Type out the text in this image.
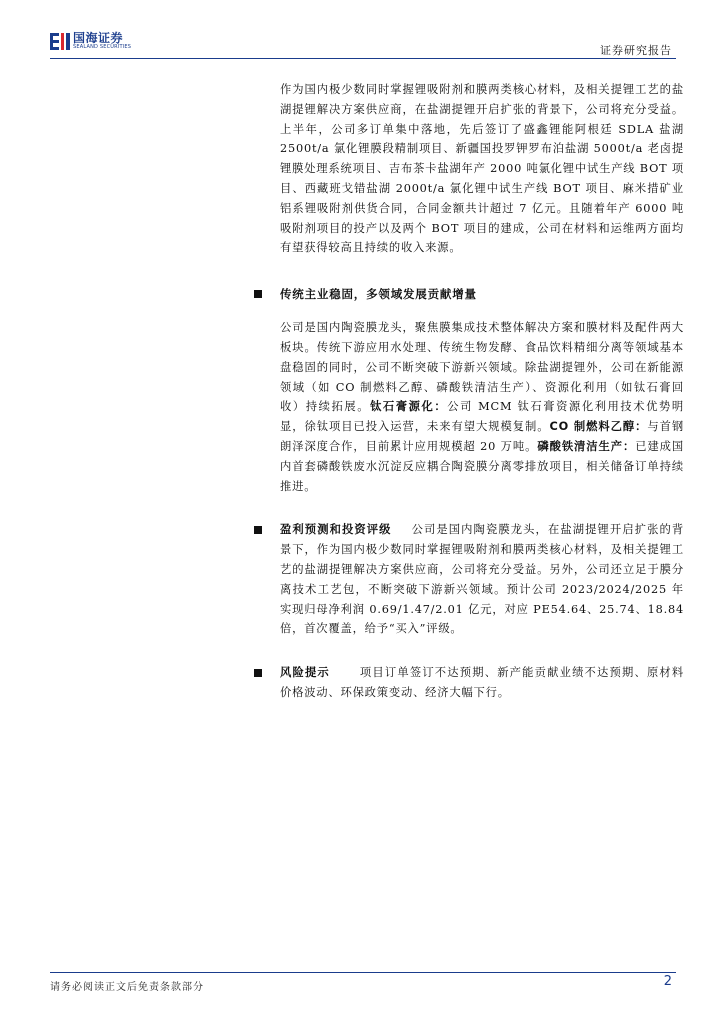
国海证券
SEALAND SECURITIES	证券研究报告

作为国内极少数同时掌握锂吸附剂和膜两类核心材料，及相关提锂工艺的盐湖提锂解决方案供应商，在盐湖提锂开启扩张的背景下，公司将充分受益。上半年，公司多订单集中落地，先后签订了盛鑫锂能阿根廷 SDLA 盐湖 2500t/a 氯化锂膜段精制项目、新疆国投罗钾罗布泊盐湖 5000t/a 老卤提锂膜处理系统项目、吉布茶卡盐湖年产 2000 吨氯化锂中试生产线 BOT 项目、西藏班戈错盐湖 2000t/a 氯化锂中试生产线 BOT 项目、麻米措矿业铝系锂吸附剂供货合同，合同金额共计超过 7 亿元。且随着年产 6000 吨吸附剂项目的投产以及两个 BOT 项目的建成，公司在材料和运维两方面均有望获得较高且持续的收入来源。

传统主业稳固，多领域发展贡献增量

公司是国内陶瓷膜龙头，聚焦膜集成技术整体解决方案和膜材料及配件两大板块。传统下游应用水处理、传统生物发酵、食品饮料精细分离等领域基本盘稳固的同时，公司不断突破下游新兴领域。除盐湖提锂外，公司在新能源领域（如 CO 制燃料乙醇、磷酸铁清洁生产）、资源化利用（如钛石膏回收）持续拓展。钛石膏源化：公司 MCM 钛石膏资源化利用技术优势明显，徐钛项目已投入运营，未来有望大规模复制。CO 制燃料乙醇：与首钢朗泽深度合作，目前累计应用规模超 20 万吨。磷酸铁清洁生产：已建成国内首套磷酸铁废水沉淀反应耦合陶瓷膜分离零排放项目，相关储备订单持续推进。

盈利预测和投资评级 公司是国内陶瓷膜龙头，在盐湖提锂开启扩张的背景下，作为国内极少数同时掌握锂吸附剂和膜两类核心材料，及相关提锂工艺的盐湖提锂解决方案供应商，公司将充分受益。另外，公司还立足于膜分离技术工艺包，不断突破下游新兴领域。预计公司 2023/2024/2025 年实现归母净利润 0.69/1.47/2.01 亿元，对应 PE54.64、25.74、18.84 倍，首次覆盖，给予“买入”评级。

风险提示	项目订单签订不达预期、新产能贡献业绩不达预期、原材料价格波动、环保政策变动、经济大幅下行。

请务必阅读正文后免责条款部分	2
